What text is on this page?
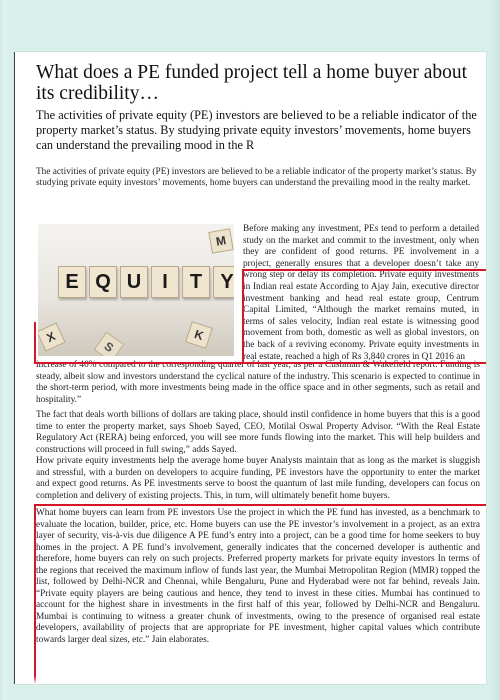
What does a PE funded project tell a home buyer about its credibility…

The activities of private equity (PE) investors are believed to be a reliable indicator of the property market’s status. By studying private equity investors’ movements, home buyers can understand the prevailing mood in the R

The activities of private equity (PE) investors are believed to be a reliable indicator of the property market’s status. By studying private equity investors’ movements, home buyers can understand the prevailing mood in the realty market.

E Q U	I	T Y
X	K
M
S

Before making any investment, PEs tend to perform a detailed study on the market and commit to the investment, only when they are confident of good returns. PE involvement in a project, generally ensures that a developer doesn’t take any wrong step or delay its completion. Private equity investments in Indian real estate According to Ajay Jain, executive director investment banking and head real estate group, Centrum Capital Limited, “Although the market remains muted, in terms of sales velocity, Indian real estate is witnessing good movement from both, domestic as well as global investors, on the back of a reviving economy. Private equity investments in real estate, reached a high of Rs 3,840 crores in Q1 2016 an

increase of 40% compared to the corresponding quarter of last year, as per a Cushman & Wakefield report. Funding is steady, albeit slow and investors understand the cyclical nature of the industry. This scenario is expected to continue in the short-term period, with more investments being made in the office space and in other segments, such as retail and hospitality.”

The fact that deals worth billions of dollars are taking place, should instil confidence in home buyers that this is a good time to enter the property market, says Shoeb Sayed, CEO, Motilal Oswal Property Advisor. “With the Real Estate Regulatory Act (RERA) being enforced, you will see more funds flowing into the market. This will help builders and constructions will proceed in full swing,” adds Sayed.

How private equity investments help the average home buyer Analysts maintain that as long as the market is sluggish and stressful, with a burden on developers to acquire funding, PE investors have the opportunity to enter the market and expect good returns. As PE investments serve to boost the quantum of last mile funding, developers can focus on completion and delivery of existing projects. This, in turn, will ultimately benefit home buyers.

What home buyers can learn from PE investors Use the project in which the PE fund has invested, as a benchmark to evaluate the location, builder, price, etc. Home buyers can use the PE investor’s involvement in a project, as an extra layer of security, vis-à-vis due diligence A PE fund’s entry into a project, can be a good time for home seekers to buy homes in the project. A PE fund’s involvement, generally indicates that the concerned developer is authentic and therefore, home buyers can rely on such projects. Preferred property markets for private equity investors In terms of the regions that received the maximum inflow of funds last year, the Mumbai Metropolitan Region (MMR) topped the list, followed by Delhi-NCR and Chennai, while Bengaluru, Pune and Hyderabad were not far behind, reveals Jain. “Private equity players are being cautious and hence, they tend to invest in these cities. Mumbai has continued to account for the highest share in investments in the first half of this year, followed by Delhi-NCR and Bengaluru. Mumbai is continuing to witness a greater chunk of investments, owing to the presence of organised real estate developers, availability of projects that are appropriate for PE investment, higher capital values which contribute towards larger deal sizes, etc.” Jain elaborates.
